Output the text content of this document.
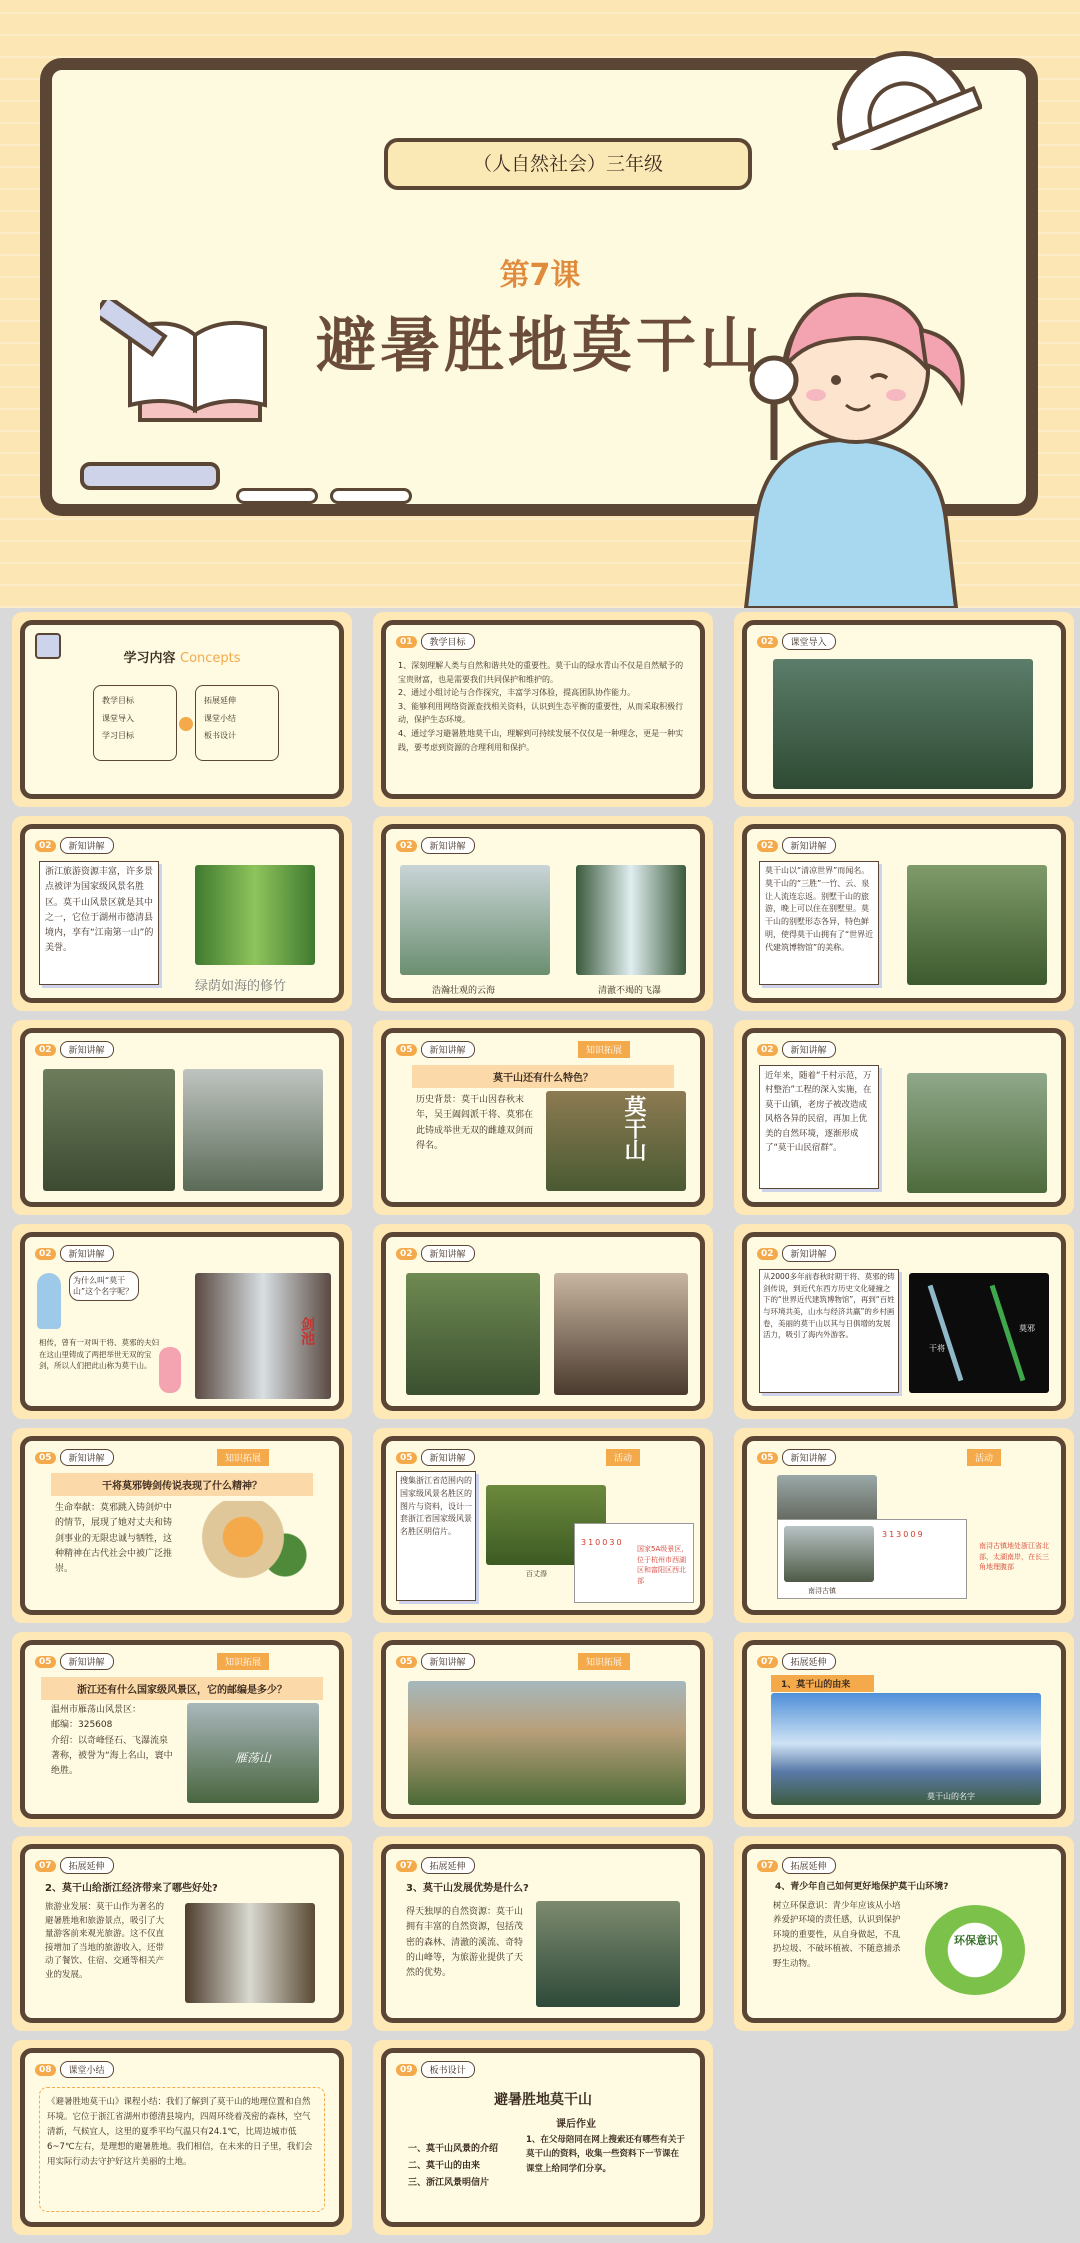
（人自然社会）三年级
第7课
避暑胜地莫干山
学习内容 Concepts
教学目标
课堂导入
学习目标
拓展延伸
课堂小结
板书设计
01	教学目标
1、深刻理解人类与自然和谐共处的重要性。莫干山的绿水青山不仅是自然赋予的宝贵财富，也是需要我们共同保护和维护的。
2、通过小组讨论与合作探究，丰富学习体验，提高团队协作能力。
3、能够利用网络资源查找相关资料，认识到生态平衡的重要性，从而采取积极行动，保护生态环境。
4、通过学习避暑胜地莫干山，理解到可持续发展不仅仅是一种理念，更是一种实践，要考虑到资源的合理利用和保护。
02	课堂导入
02	新知讲解
浙江旅游资源丰富，许多景点被评为国家级风景名胜区。莫干山风景区就是其中之一，它位于湖州市德清县境内，享有“江南第一山”的美誉。
绿荫如海的修竹
02	新知讲解
浩瀚壮观的云海	清澈不竭的飞瀑
02	新知讲解
莫干山以“清凉世界”而闻名。莫干山的“三胜”一竹、云、泉让人流连忘返。别墅干山的旅游，晚上可以住在别墅里。莫干山的别墅形态各异，特色鲜明，使得莫干山拥有了“世界近代建筑博物馆”的美称。
02	新知讲解	05	新知讲解	知识拓展
莫干山还有什么特色？
历史背景：莫干山因春秋末年，吴王阖闾派干将、莫邪在此铸成举世无双的雌雄双剑而得名。	莫干山
02	新知讲解
近年来，随着“千村示范，万村整治”工程的深入实施，在莫干山镇，老房子被改造成风格各异的民宿，再加上优美的自然环境，逐渐形成了“莫干山民宿群”。
02	新知讲解
为什么叫“莫干山”这个名字呢？
相传，曾有一对叫干将、莫邪的夫妇在这山里铸成了两把举世无双的宝剑，所以人们把此山称为莫干山。
剑池
02	新知讲解	02	新知讲解
从2000多年前春秋时期干将、莫邪的铸剑传说，到近代东西方历史文化碰撞之下的“世界近代建筑博物馆”，再到“百姓与环境共美，山水与经济共赢”的乡村画卷，美丽的莫干山以其与日俱增的发展活力，吸引了海内外游客。
干将
莫邪
05	新知讲解	知识拓展
干将莫邪铸剑传说表现了什么精神？
生命奉献：莫邪跳入铸剑炉中的情节，展现了她对丈夫和铸剑事业的无限忠诚与牺牲，这种精神在古代社会中被广泛推崇。
05	新知讲解	活动
搜集浙江省范围内的国家级风景名胜区的图片与资料，设计一套浙江省国家级风景名胜区明信片。
百丈漈
310030
国家5A级景区，位于杭州市西湖区和富阳区西北部
05	新知讲解	活动
南浔古镇
313009
南浔古镇地处浙江省北部，太湖南岸，在长三角地理腹部
05	新知讲解	知识拓展
浙江还有什么国家级风景区，它的邮编是多少？
温州市雁荡山风景区：
邮编：325608
介绍：以奇峰怪石、飞瀑流泉著称，被誉为“海上名山，寰中绝胜。
雁荡山
05	新知讲解	知识拓展	07	拓展延伸
1、莫干山的由来
莫干山的名字
07	拓展延伸
2、莫干山给浙江经济带来了哪些好处?
旅游业发展：莫干山作为著名的避暑胜地和旅游景点，吸引了大量游客前来观光旅游。这不仅直接增加了当地的旅游收入，还带动了餐饮、住宿、交通等相关产业的发展。
07	拓展延伸
3、莫干山发展优势是什么?
得天独厚的自然资源：莫干山拥有丰富的自然资源，包括茂密的森林、清澈的溪流、奇特的山峰等，为旅游业提供了天然的优势。
07	拓展延伸
4、青少年自己如何更好地保护莫干山环境?
树立环保意识：青少年应该从小培养爱护环境的责任感，认识到保护环境的重要性，从自身做起，不乱扔垃圾、不破坏植被、不随意捕杀野生动物。
环保意识
08	课堂小结
《避暑胜地莫干山》课程小结：我们了解到了莫干山的地理位置和自然环境。它位于浙江省湖州市德清县境内，四周环绕着茂密的森林，空气清新，气候宜人，这里的夏季平均气温只有24.1℃，比周边城市低6~7℃左右，是理想的避暑胜地。我们相信，在未来的日子里，我们会用实际行动去守护好这片美丽的土地。
09	板书设计
避暑胜地莫干山
一、莫干山风景的介绍
二、莫干山的由来
三、浙江风景明信片
课后作业
1、在父母陪同在网上搜索还有哪些有关于莫干山的资料，收集一些资料下一节课在课堂上给同学们分享。
